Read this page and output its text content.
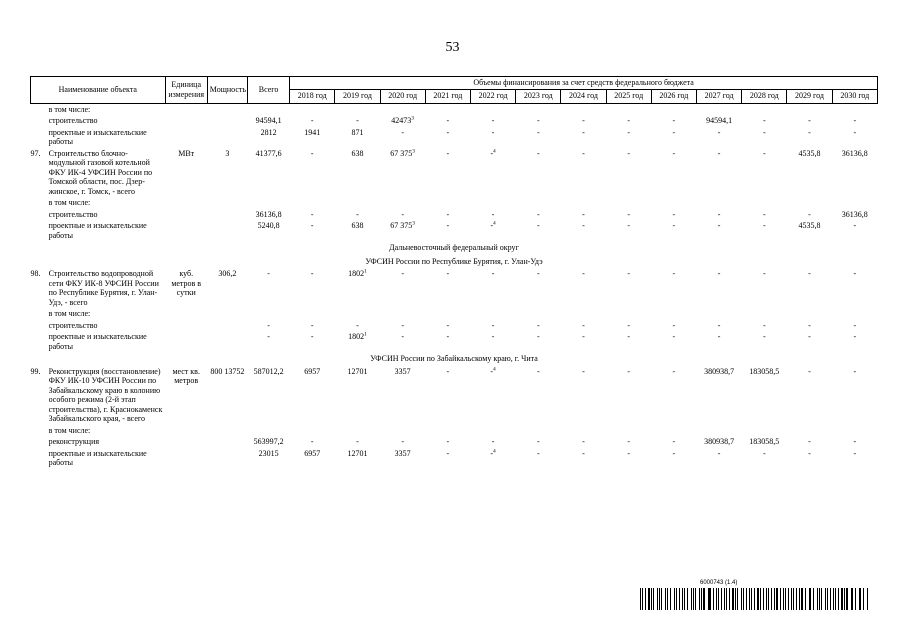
53
Наименование объекта		Единица измерения	Мощность	Всего	Объемы финансирования за счет средств федерального бюджета												
					2018 год	2019 год	2020 год	2021 год	2022 год	2023 год	2024 год	2025 год	2026 год	2027 год	2028 год	2029 год	2030 год
	в том числе:																
	строительство			94594,1	-	-	42473$^3$	-	-	-	-	-	-	94594,1	-	-	-
	проектные и изыскательские работы			2812	1941	871	-	-	-	-	-	-	-	-	-	-	-
97.	Строительство блочно-модульной газовой котельной ФКУ ИК-4 УФСИН России по Томской области, пос. Дзер-жинское, г. Томск, - всего	МВт	3	41377,6	-	638	67 $375^3$	-	-$^4$	-	-	-	-	-	-	4535,8	36136,8
	в том числе:																
	строительство			36136,8	-	-	-	-	-	-	-	-	-	-	-	-	36136,8
	проектные и изыскательские работы			5240,8	-	638	67 $375^3$	-	-$^4$	-	-	-	-	-	-	4535,8	-
Дальневосточный федеральный округ																	
УФСИН России по Республике Бурятия, г. Улан-Удэ																	
98.	Строительство водопроводной сети ФКУ ИК-8 УФСИН России по Республике Бурятия, г. Улан-Удэ, - всего	куб. метров в сутки	306,2	-	-	1802$^1$	-	-	-	-	-	-	-	-	-	-	-
	в том числе:																
	строительство			-	-	-	-	-	-	-	-	-	-	-	-	-	-
	проектные и изыскательские работы			-	-	1802$^1$	-	-	-	-	-	-	-	-	-	-	-
УФСИН России по Забайкальскому краю, г. Чита																	
99.	Реконструкция (восстановление) ФКУ ИК-10 УФСИН России по Забайкальскому краю в колонию особого режима (2-й этап строительства), г. Краснокаменск Забайкальского края, - всего	мест кв. метров	800 13752	587012,2	6957	12701	3357	-	-$^4$	-	-	-	-	380938,7	183058,5	-	-
	в том числе:																
	реконструкция			563997,2	-	-	-	-	-	-	-	-	-	380938,7	183058,5	-	-
	проектные и изыскательские работы			23015	6957	12701	3357	-	-$^4$	-	-	-	-	-	-	-	-
6000743 (1.4)
